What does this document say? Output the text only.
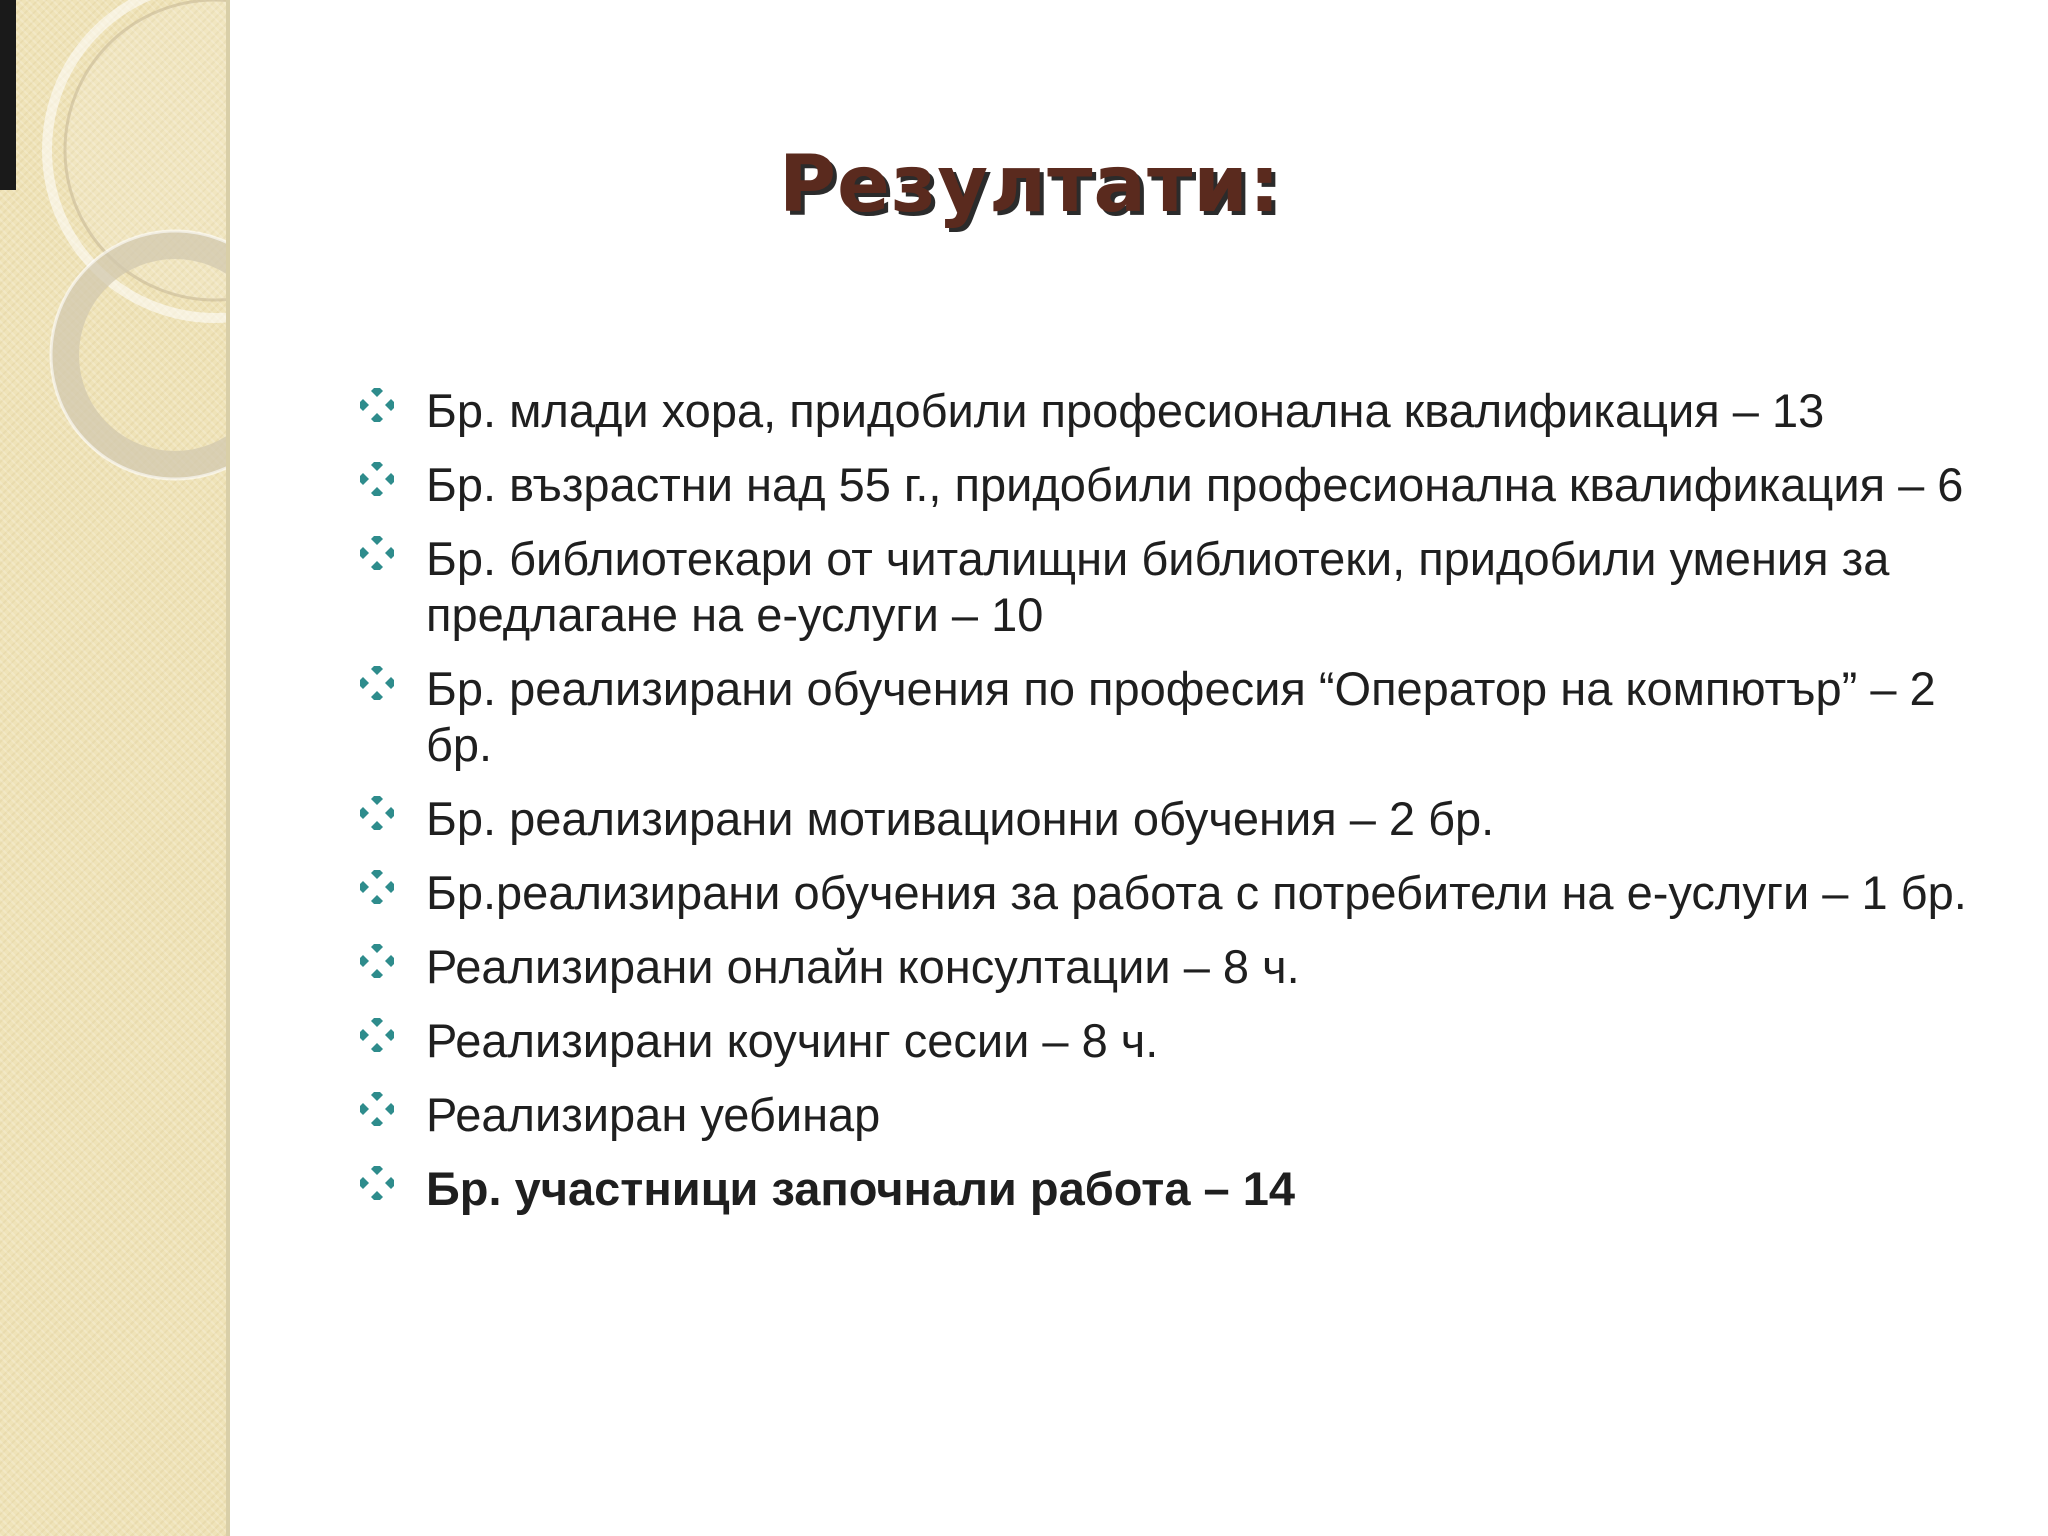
Резултати:
Бр. млади хора, придобили професионална квалификация – 13
Бр. възрастни над 55 г., придобили професионална квалификация – 6
Бр. библиотекари от читалищни библиотеки, придобили умения за предлагане на е-услуги – 10
Бр. реализирани обучения по професия “Оператор на компютър” – 2 бр.
Бр. реализирани мотивационни обучения – 2 бр.
Бр.реализирани обучения за работа с потребители на е-услуги – 1 бр.
Реализирани онлайн консултации – 8 ч.
Реализирани коучинг сесии – 8 ч.
Реализиран уебинар
Бр. участници започнали работа – 14
